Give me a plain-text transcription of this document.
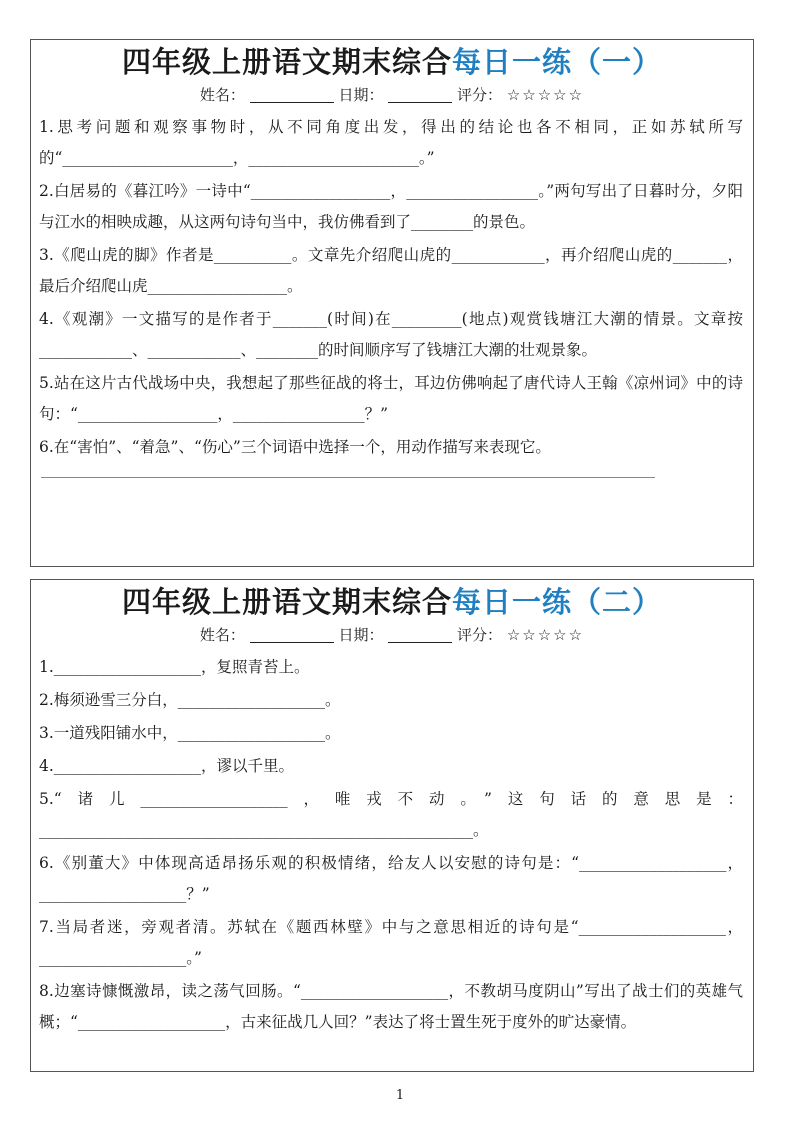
四年级上册语文期末综合每日一练（一）
姓名：	日期：	评分： ☆☆☆☆☆

1.思考问题和观察事物时，从不同角度出发，得出的结论也各不相同，正如苏轼所写的“______________________，______________________。”

2.白居易的《暮江吟》一诗中“__________________，_________________。”两句写出了日暮时分，夕阳与江水的相映成趣，从这两句诗句当中，我仿佛看到了________的景色。

3.《爬山虎的脚》作者是__________。文章先介绍爬山虎的____________，再介绍爬山虎的_______，最后介绍爬山虎__________________。

4.《观潮》一文描写的是作者于_______(时间)在_________(地点)观赏钱塘江大潮的情景。文章按____________、____________、________的时间顺序写了钱塘江大潮的壮观景象。

5.站在这片古代战场中央，我想起了那些征战的将士，耳边仿佛响起了唐代诗人王翰《凉州词》中的诗句：“__________________，_________________？”

6.在“害怕”、“着急”、“伤心”三个词语中选择一个，用动作描写来表现它。

四年级上册语文期末综合每日一练（二）
姓名：	日期：	评分： ☆☆☆☆☆

1.___________________，复照青苔上。

2.梅须逊雪三分白，___________________。

3.一道残阳铺水中，___________________。

4.___________________，谬以千里。

5.“诸儿___________________，唯戎不动。”这句话的意思是：________________________________________________________。

6.《别董大》中体现高适昂扬乐观的积极情绪，给友人以安慰的诗句是：“___________________，___________________？”

7.当局者迷，旁观者清。苏轼在《题西林壁》中与之意思相近的诗句是“___________________，___________________。”

8.边塞诗慷慨激昂，读之荡气回肠。“___________________，不教胡马度阴山”写出了战士们的英雄气概；“___________________，古来征战几人回？”表达了将士置生死于度外的旷达豪情。

1
